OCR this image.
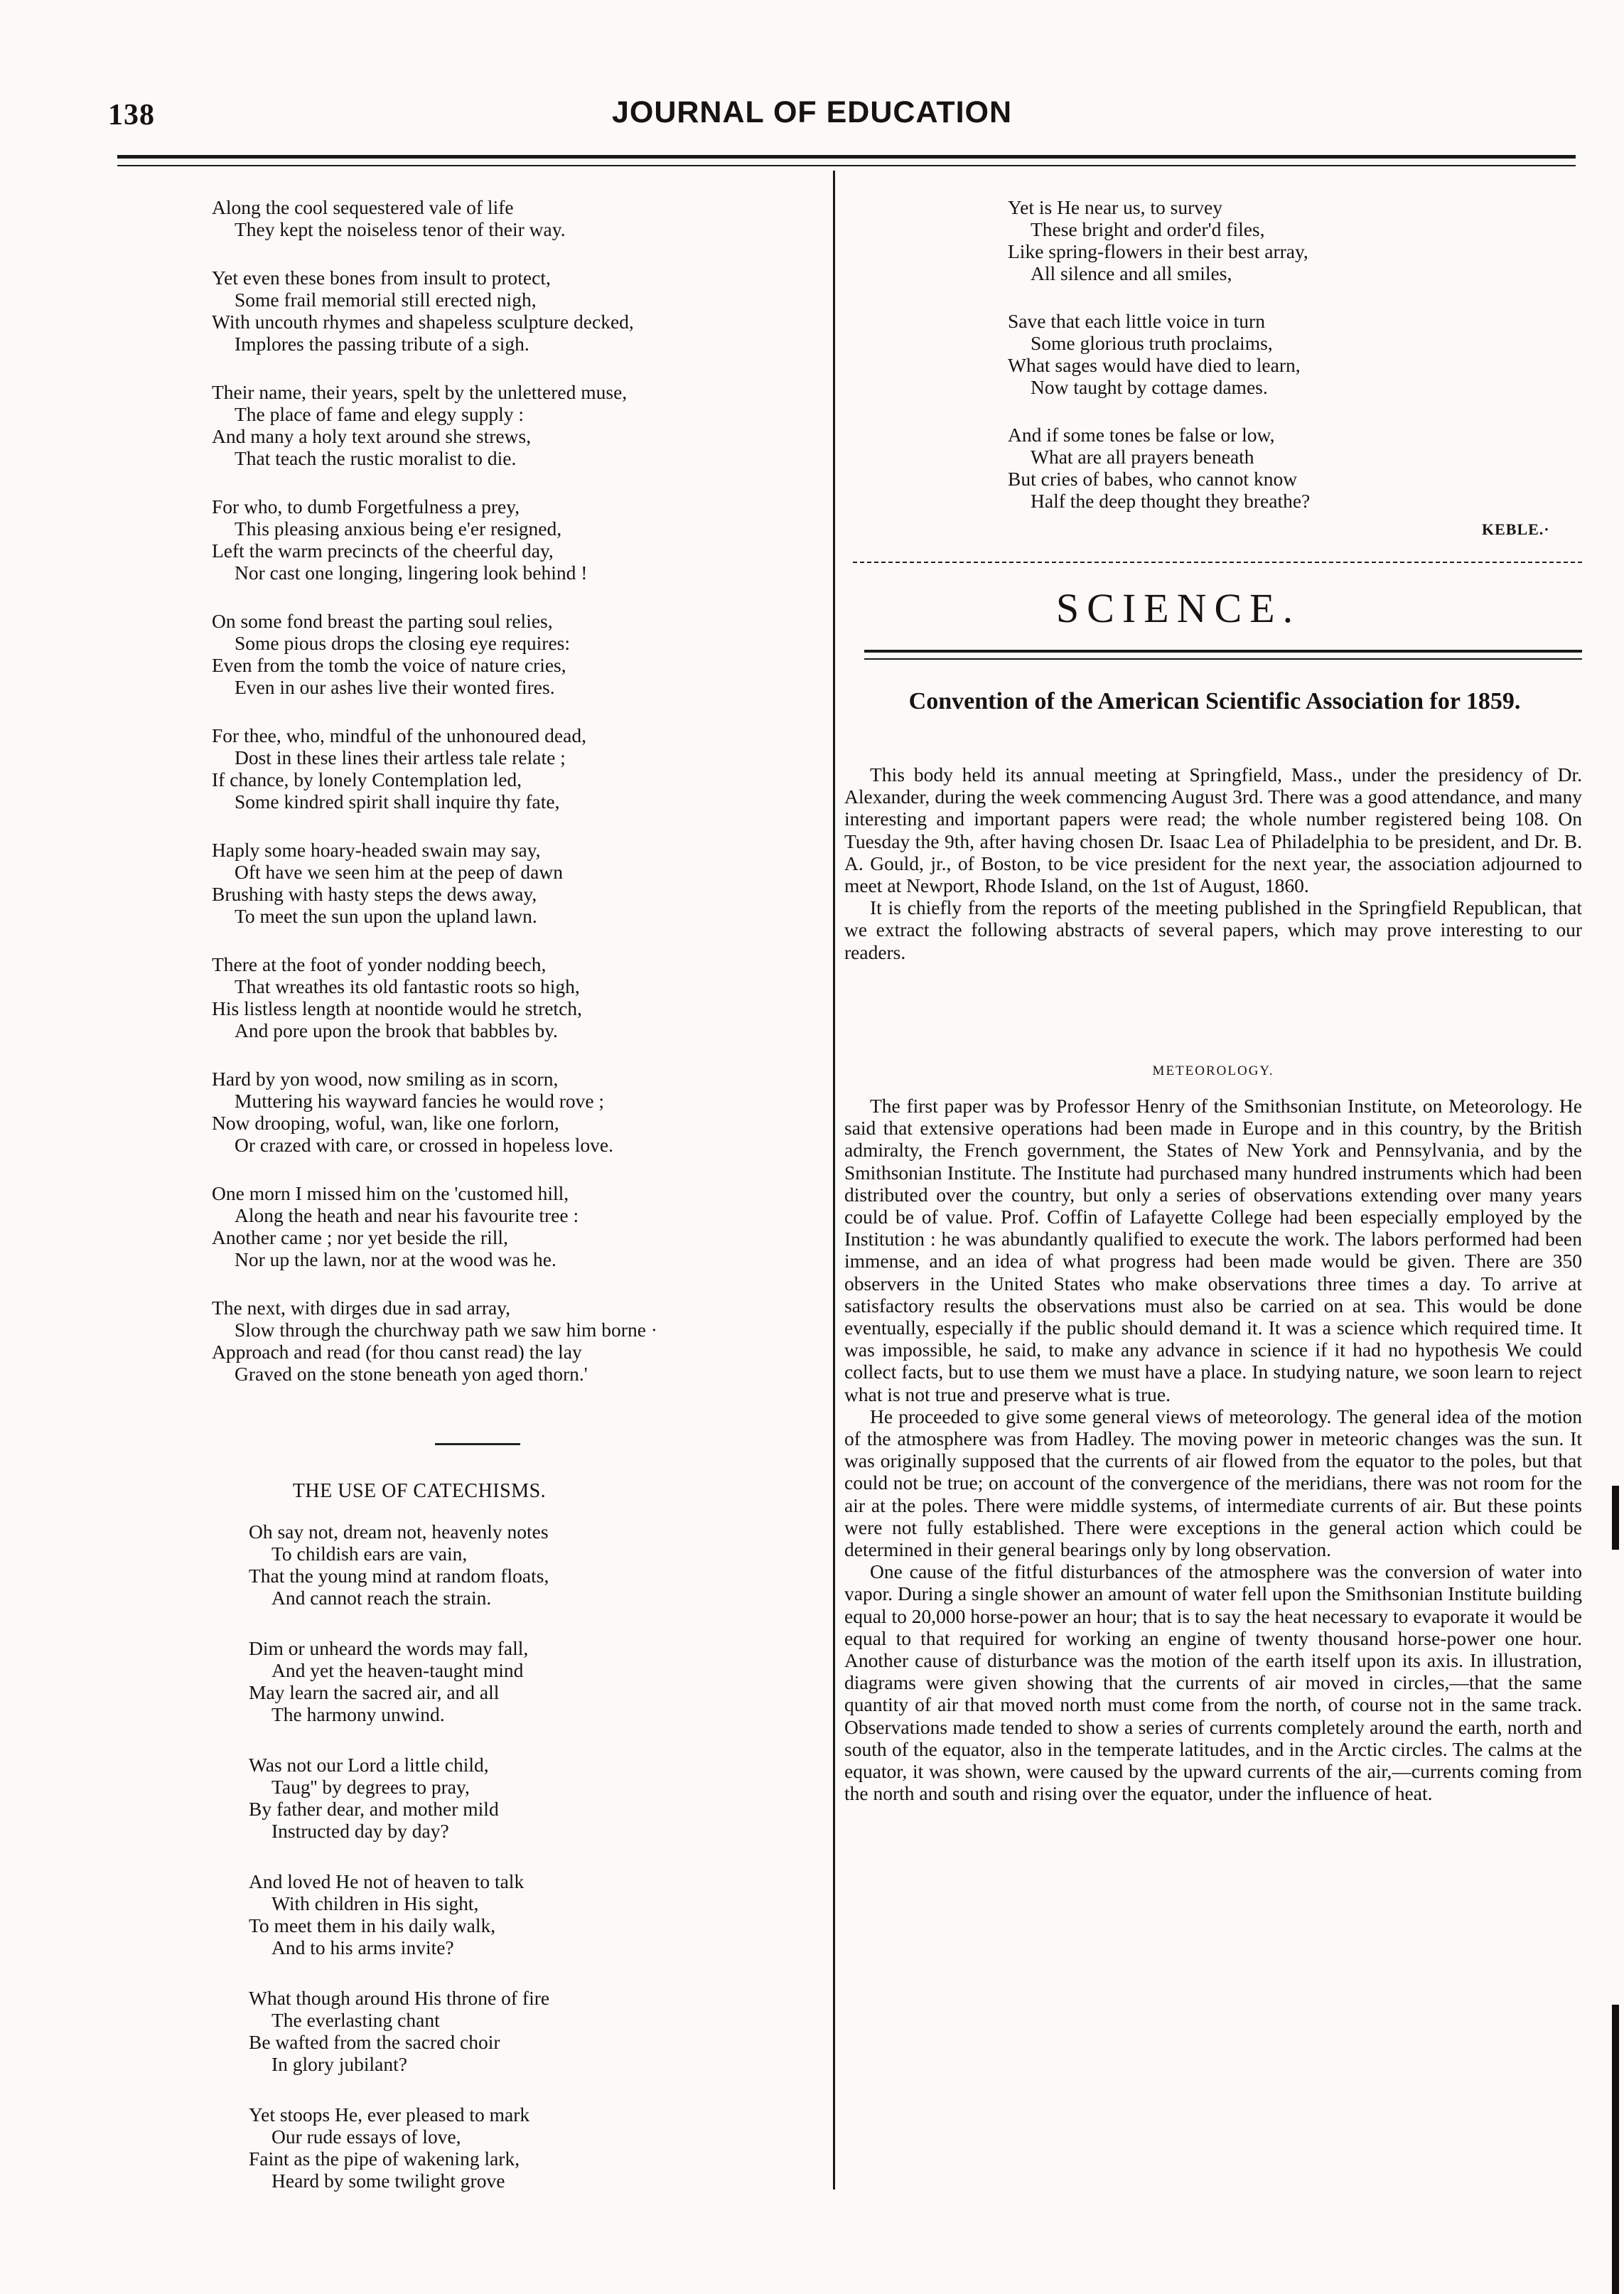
138	JOURNAL OF EDUCATION
Along the cool sequestered vale of life
They kept the noiseless tenor of their way.
Yet even these bones from insult to protect,
Some frail memorial still erected nigh,
With uncouth rhymes and shapeless sculpture decked,
Implores the passing tribute of a sigh.
Their name, their years, spelt by the unlettered muse,
The place of fame and elegy supply :
And many a holy text around she strews,
That teach the rustic moralist to die.
For who, to dumb Forgetfulness a prey,
This pleasing anxious being e'er resigned,
Left the warm precincts of the cheerful day,
Nor cast one longing, lingering look behind !
On some fond breast the parting soul relies,
Some pious drops the closing eye requires:
Even from the tomb the voice of nature cries,
Even in our ashes live their wonted fires.
For thee, who, mindful of the unhonoured dead,
Dost in these lines their artless tale relate ;
If chance, by lonely Contemplation led,
Some kindred spirit shall inquire thy fate,
Haply some hoary-headed swain may say,
Oft have we seen him at the peep of dawn
Brushing with hasty steps the dews away,
To meet the sun upon the upland lawn.
There at the foot of yonder nodding beech,
That wreathes its old fantastic roots so high,
His listless length at noontide would he stretch,
And pore upon the brook that babbles by.
Hard by yon wood, now smiling as in scorn,
Muttering his wayward fancies he would rove ;
Now drooping, woful, wan, like one forlorn,
Or crazed with care, or crossed in hopeless love.
One morn I missed him on the 'customed hill,
Along the heath and near his favourite tree :
Another came ; nor yet beside the rill,
Nor up the lawn, nor at the wood was he.
The next, with dirges due in sad array,
Slow through the churchway path we saw him borne ·
Approach and read (for thou canst read) the lay
Graved on the stone beneath yon aged thorn.'
THE USE OF CATECHISMS.
Oh say not, dream not, heavenly notes
To childish ears are vain,
That the young mind at random floats,
And cannot reach the strain.
Dim or unheard the words may fall,
And yet the heaven-taught mind
May learn the sacred air, and all
The harmony unwind.
Was not our Lord a little child,
Taug'' by degrees to pray,
By father dear, and mother mild
Instructed day by day?
And loved He not of heaven to talk
With children in His sight,
To meet them in his daily walk,
And to his arms invite?
What though around His throne of fire
The everlasting chant
Be wafted from the sacred choir
In glory jubilant?
Yet stoops He, ever pleased to mark
Our rude essays of love,
Faint as the pipe of wakening lark,
Heard by some twilight grove
Yet is He near us, to survey
These bright and order'd files,
Like spring-flowers in their best array,
All silence and all smiles,
Save that each little voice in turn
Some glorious truth proclaims,
What sages would have died to learn,
Now taught by cottage dames.
And if some tones be false or low,
What are all prayers beneath
But cries of babes, who cannot know
Half the deep thought they breathe?
KEBLE.·
SCIENCE.
Convention of the American Scientific Association for 1859.

This body held its annual meeting at Springfield, Mass., under the presidency of Dr. Alexander, during the week commencing August 3rd. There was a good attendance, and many interesting and important papers were read; the whole number registered being 108. On Tuesday the 9th, after having chosen Dr. Isaac Lea of Philadelphia to be president, and Dr. B. A. Gould, jr., of Boston, to be vice president for the next year, the association adjourned to meet at Newport, Rhode Island, on the 1st of August, 1860.

It is chiefly from the reports of the meeting published in the Springfield Republican, that we extract the following abstracts of several papers, which may prove interesting to our readers.

METEOROLOGY.

The first paper was by Professor Henry of the Smithsonian Institute, on Meteorology. He said that extensive operations had been made in Europe and in this country, by the British admiralty, the French government, the States of New York and Pennsylvania, and by the Smithsonian Institute. The Institute had purchased many hundred instruments which had been distributed over the country, but only a series of observations extending over many years could be of value. Prof. Coffin of Lafayette College had been especially employed by the Institution : he was abundantly qualified to execute the work. The labors performed had been immense, and an idea of what progress had been made would be given. There are 350 observers in the United States who make observations three times a day. To arrive at satisfactory results the observations must also be carried on at sea. This would be done eventually, especially if the public should demand it. It was a science which required time. It was impossible, he said, to make any advance in science if it had no hypothesis We could collect facts, but to use them we must have a place. In studying nature, we soon learn to reject what is not true and preserve what is true.

He proceeded to give some general views of meteorology. The general idea of the motion of the atmosphere was from Hadley. The moving power in meteoric changes was the sun. It was originally supposed that the currents of air flowed from the equator to the poles, but that could not be true; on account of the convergence of the meridians, there was not room for the air at the poles. There were middle systems, of intermediate currents of air. But these points were not fully established. There were exceptions in the general action which could be determined in their general bearings only by long observation.

One cause of the fitful disturbances of the atmosphere was the conversion of water into vapor. During a single shower an amount of water fell upon the Smithsonian Institute building equal to 20,000 horse-power an hour; that is to say the heat necessary to evaporate it would be equal to that required for working an engine of twenty thousand horse-power one hour. Another cause of disturbance was the motion of the earth itself upon its axis. In illustration, diagrams were given showing that the currents of air moved in circles,—that the same quantity of air that moved north must come from the north, of course not in the same track. Observations made tended to show a series of currents completely around the earth, north and south of the equator, also in the temperate latitudes, and in the Arctic circles. The calms at the equator, it was shown, were caused by the upward currents of the air,—currents coming from the north and south and rising over the equator, under the influence of heat.
